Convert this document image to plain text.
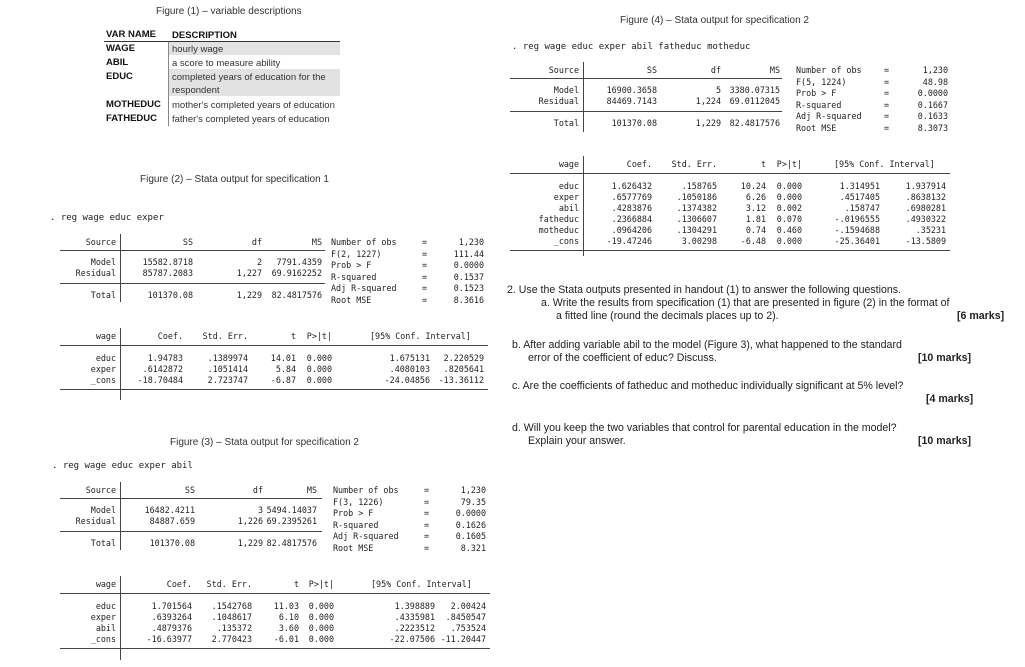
Figure (1) – variable descriptions
VAR NAME DESCRIPTION
WAGE	hourly wage
ABIL	a score to measure ability
EDUC	completed years of education for the
respondent
MOTHEDUC mother's completed years of education
FATHEDUC father's completed years of education
Figure (2) – Stata output for specification 1
. reg wage educ exper
Source	SS	df	MS
Model	15582.8718	2	7791.4359
Residual	85787.2083	1,227	69.9162252
Total	101370.08	1,229	82.4817576
Number of obs	=	1,230
F(2, 1227)	=	111.44
Prob > F	=	0.0000
R-squared	=	0.1537
Adj R-squared	=	0.1523
Root MSE	=	8.3616
wage	Coef.	Std. Err.	t	P>|t|	[95% Conf. Interval]
educ	1.94783	.1389974	14.01	0.000	1.675131	2.220529
exper	.6142872	.1051414	5.84	0.000	.4080103	.8205641
_cons	-18.70484	2.723747	-6.87	0.000	-24.04856	-13.36112
Figure (3) – Stata output for specification 2
. reg wage educ exper abil
Source	SS	df	MS
Model	16482.4211	3 5494.14037
Residual	84887.659	1,226 69.2395261
Total	101370.08	1,229 82.4817576
Number of obs	=	1,230
F(3, 1226)	=	79.35
Prob > F	=	0.0000
R-squared	=	0.1626
Adj R-squared	=	0.1605
Root MSE	=	8.321
wage	Coef.	Std. Err.	t	P>|t|	[95% Conf. Interval]
educ	1.701564	.1542768	11.03	0.000	1.398889	2.00424
exper	.6393264	.1048617	6.10	0.000	.4335981	.8450547
abil	.4879376	.135372	3.60	0.000	.2223512	.753524
_cons	-16.63977	2.770423	-6.01	0.000	-22.07506 -11.20447
Figure (4) – Stata output for specification 2
. reg wage educ exper abil fatheduc motheduc
Source	SS	df	MS
Model	16900.3658	5	3380.07315
Residual	84469.7143	1,224	69.0112045
Total	101370.08	1,229	82.4817576
Number of obs	=	1,230
F(5, 1224)	=	48.98
Prob > F	=	0.0000
R-squared	=	0.1667
Adj R-squared	=	0.1633
Root MSE	=	8.3073
wage	Coef.	Std. Err.	t	P>|t|	[95% Conf. Interval]
educ	1.626432	.158765	10.24	0.000	1.314951	1.937914
exper	.6577769	.1050186	6.26	0.000	.4517405	.8638132
abil	.4283876	.1374382	3.12	0.002	.158747	.6980281
fatheduc	.2366884	.1306607	1.81	0.070	-.0196555	.4930322
motheduc	.0964206	.1304291	0.74	0.460	-.1594688	.35231
_cons	-19.47246	3.00298	-6.48	0.000	-25.36401	-13.5809
2. Use the Stata outputs presented in handout (1) to answer the following questions.
a. Write the results from specification (1) that are presented in figure (2) in the format of
a fitted line (round the decimals places up to 2).	[6 marks]
b. After adding variable abil to the model (Figure 3), what happened to the standard
error of the coefficient of educ? Discuss.	[10 marks]
c. Are the coefficients of fatheduc and motheduc individually significant at 5% level?
[4 marks]
d. Will you keep the two variables that control for parental education in the model?
Explain your answer.	[10 marks]
